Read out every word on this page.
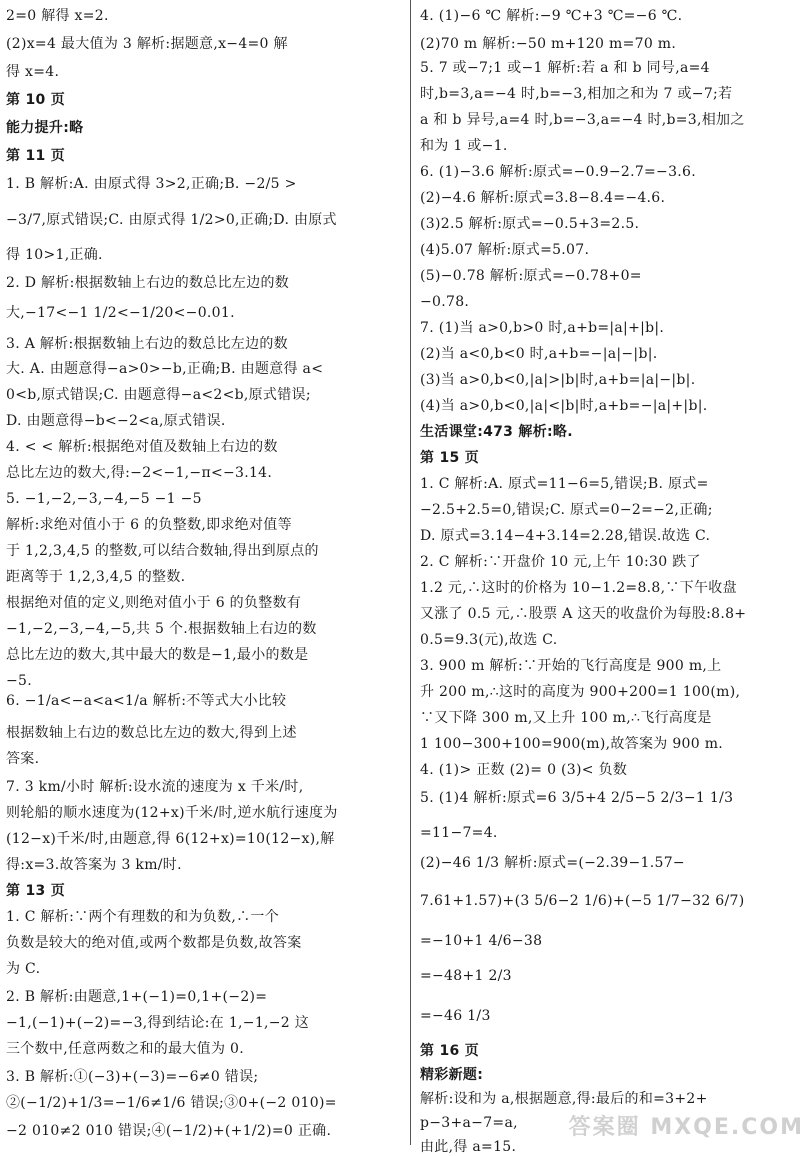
2=0 解得 x=2.
(2)x=4 最大值为 3 解析:据题意,x−4=0 解
得 x=4.
第 10 页
能力提升:略
第 11 页
1. B 解析:A. 由原式得 3>2,正确;B. −2/5 >
−3/7,原式错误;C. 由原式得 1/2>0,正确;D. 由原式
得 10>1,正确.
2. D 解析:根据数轴上右边的数总比左边的数
大,−17<−1 1/2<−1/20<−0.01.
3. A 解析:根据数轴上右边的数总比左边的数
大. A. 由题意得−a>0>−b,正确;B. 由题意得 a<
0<b,原式错误;C. 由题意得−a<2<b,原式错误;
D. 由题意得−b<−2<a,原式错误.
4. < < 解析:根据绝对值及数轴上右边的数
总比左边的数大,得:−2<−1,−π<−3.14.
5. −1,−2,−3,−4,−5 −1 −5
解析:求绝对值小于 6 的负整数,即求绝对值等
于 1,2,3,4,5 的整数,可以结合数轴,得出到原点的
距离等于 1,2,3,4,5 的整数.
根据绝对值的定义,则绝对值小于 6 的负整数有
−1,−2,−3,−4,−5,共 5 个.根据数轴上右边的数
总比左边的数大,其中最大的数是−1,最小的数是
−5.
6. −1/a<−a<a<1/a 解析:不等式大小比较
根据数轴上右边的数总比左边的数大,得到上述
答案.
7. 3 km/小时 解析:设水流的速度为 x 千米/时,
则轮船的顺水速度为(12+x)千米/时,逆水航行速度为
(12−x)千米/时,由题意,得 6(12+x)=10(12−x),解
得:x=3.故答案为 3 km/时.
第 13 页
1. C 解析:∵两个有理数的和为负数,∴一个
负数是较大的绝对值,或两个数都是负数,故答案
为 C.
2. B 解析:由题意,1+(−1)=0,1+(−2)=
−1,(−1)+(−2)=−3,得到结论:在 1,−1,−2 这
三个数中,任意两数之和的最大值为 0.
3. B 解析:①(−3)+(−3)=−6≠0 错误;
②(−1/2)+1/3=−1/6≠1/6 错误;③0+(−2 010)=
−2 010≠2 010 错误;④(−1/2)+(+1/2)=0 正确.
4. (1)−6 ℃ 解析:−9 ℃+3 ℃=−6 ℃.
(2)70 m 解析:−50 m+120 m=70 m.
5. 7 或−7;1 或−1 解析:若 a 和 b 同号,a=4
时,b=3,a=−4 时,b=−3,相加之和为 7 或−7;若
a 和 b 异号,a=4 时,b=−3,a=−4 时,b=3,相加之
和为 1 或−1.
6. (1)−3.6 解析:原式=−0.9−2.7=−3.6.
(2)−4.6 解析:原式=3.8−8.4=−4.6.
(3)2.5 解析:原式=−0.5+3=2.5.
(4)5.07 解析:原式=5.07.
(5)−0.78 解析:原式=−0.78+0=
−0.78.
7. (1)当 a>0,b>0 时,a+b=|a|+|b|.
(2)当 a<0,b<0 时,a+b=−|a|−|b|.
(3)当 a>0,b<0,|a|>|b|时,a+b=|a|−|b|.
(4)当 a>0,b<0,|a|<|b|时,a+b=−|a|+|b|.
生活课堂:473 解析:略.
第 15 页
1. C 解析:A. 原式=11−6=5,错误;B. 原式=
−2.5+2.5=0,错误;C. 原式=0−2=−2,正确;
D. 原式=3.14−4+3.14=2.28,错误.故选 C.
2. C 解析:∵开盘价 10 元,上午 10:30 跌了
1.2 元,∴这时的价格为 10−1.2=8.8,∵下午收盘
又涨了 0.5 元,∴股票 A 这天的收盘价为每股:8.8+
0.5=9.3(元),故选 C.
3. 900 m 解析:∵开始的飞行高度是 900 m,上
升 200 m,∴这时的高度为 900+200=1 100(m),
∵又下降 300 m,又上升 100 m,∴飞行高度是
1 100−300+100=900(m),故答案为 900 m.
4. (1)> 正数 (2)= 0 (3)< 负数
5. (1)4 解析:原式=6 3/5+4 2/5−5 2/3−1 1/3
=11−7=4.
(2)−46 1/3 解析:原式=(−2.39−1.57−
7.61+1.57)+(3 5/6−2 1/6)+(−5 1/7−32 6/7)
=−10+1 4/6−38
=−48+1 2/3
=−46 1/3
第 16 页
精彩新题:
解析:设和为 a,根据题意,得:最后的和=3+2+
p−3+a−7=a,
由此,得 a=15.
答案圈 MXQE.COM
